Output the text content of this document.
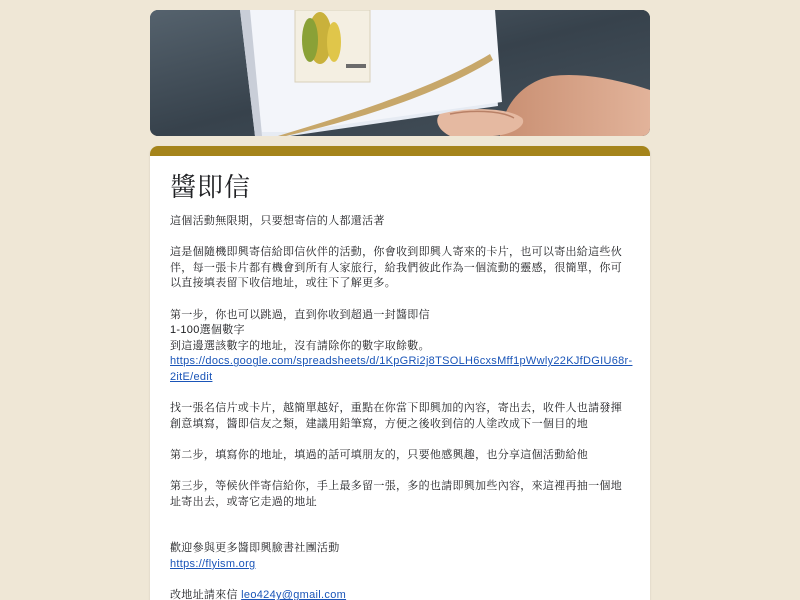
醬即信

這個活動無限期，只要想寄信的人都還活著

這是個隨機即興寄信給即信伙伴的活動，你會收到即興人寄來的卡片，也可以寄出給這些伙伴，每一張卡片都有機會到所有人家旅行，給我們彼此作為一個流動的靈感，很簡單，你可以直接填表留下收信地址，或往下了解更多。

第一步，你也可以跳過，直到你收到超過一封醬即信

1-100選個數字

到這邊選該數字的地址，沒有請除你的數字取餘數。

https://docs.google.com/spreadsheets/d/1KpGRi2j8TSOLH6cxsMff1pWwly22KJfDGIU68r-2itE/edit

找一張名信片或卡片，越簡單越好，重點在你當下即興加的內容，寄出去，收件人也請發揮創意填寫，醬即信友之類，建議用鉛筆寫，方便之後收到信的人塗改成下一個目的地

第二步，填寫你的地址，填過的話可填朋友的，只要他感興趣，也分享這個活動給他

第三步，等候伙伴寄信給你，手上最多留一張，多的也請即興加些內容，來這裡再抽一個地址寄出去，或寄它走過的地址

歡迎參與更多醬即興臉書社團活動

https://flyism.org

改地址請來信 leo424y@gmail.com
